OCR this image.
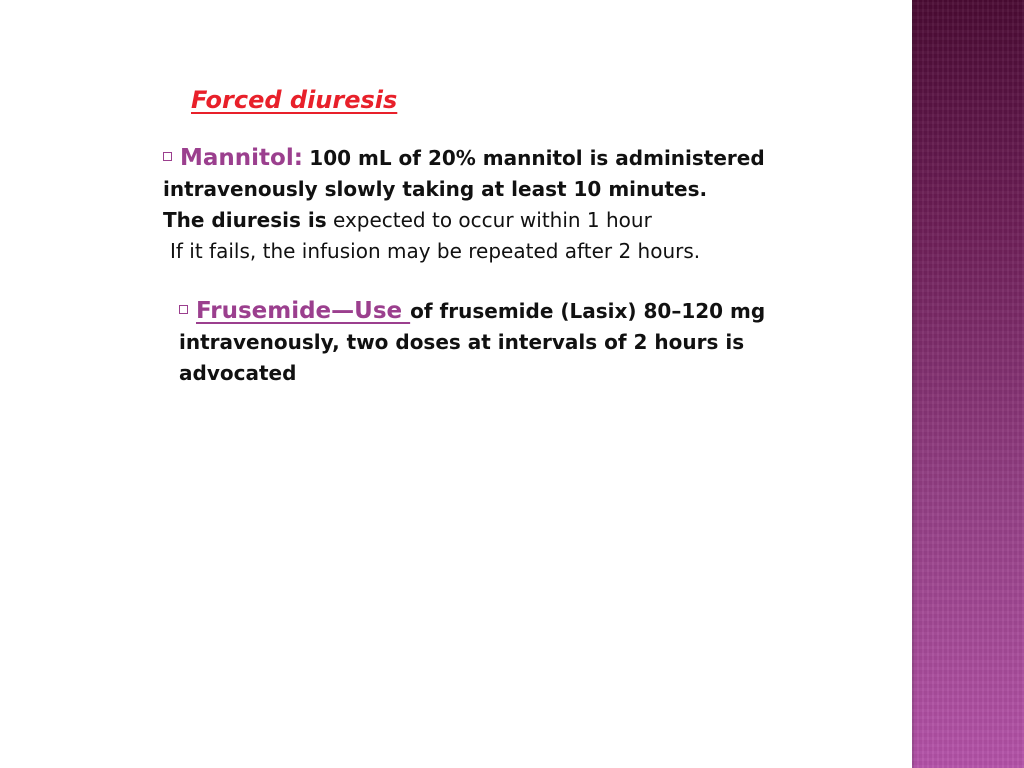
Forced diuresis
Mannitol: 100 mL of 20% mannitol is administered
intravenously slowly taking at least 10 minutes.
The diuresis is expected to occur within 1 hour
If it fails, the infusion may be repeated after 2 hours.
Frusemide—Use of frusemide (Lasix) 80–120 mg
intravenously, two doses at intervals of 2 hours is
advocated
